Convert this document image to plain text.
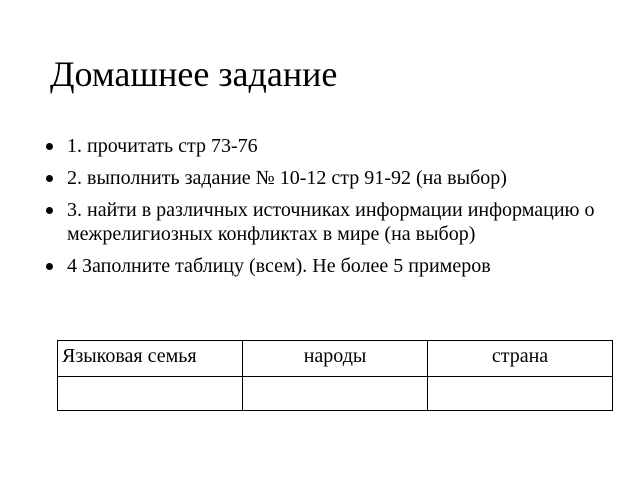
Домашнее задание
1. прочитать стр 73-76
2. выполнить задание № 10-12 стр 91-92 (на выбор)
3. найти в различных источниках информации информацию о межрелигиозных конфликтах в мире (на выбор)
4 Заполните таблицу (всем). Не более 5 примеров
Языковая семья	народы	страна
